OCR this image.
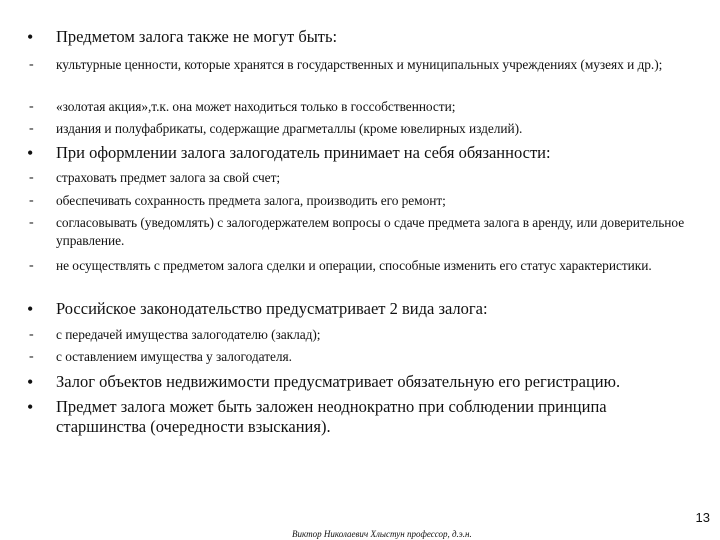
• Предметом залога также не могут быть:
- культурные ценности, которые хранятся в государственных и муниципальных учреждениях (музеях и др.);
- «золотая акция»,т.к. она может находиться только в госсобственности;
- издания и полуфабрикаты, содержащие драгметаллы (кроме ювелирных изделий).
• При оформлении залога залогодатель принимает на себя обязанности:
- страховать предмет залога за свой счет;
- обеспечивать сохранность предмета залога, производить его ремонт;
- согласовывать (уведомлять) с залогодержателем вопросы о сдаче предмета залога в аренду, или доверительное управление.
- не осуществлять с предметом залога сделки и операции, способные изменить его статус характеристики.
• Российское законодательство предусматривает 2 вида залога:
- с передачей имущества залогодателю (заклад);
- с оставлением имущества у залогодателя.
• Залог объектов недвижимости предусматривает обязательную его регистрацию.
• Предмет залога может быть заложен неоднократно при соблюдении принципа старшинства (очередности взыскания).
13
Виктор Николаевич Хлыстун профессор, д.э.н.
